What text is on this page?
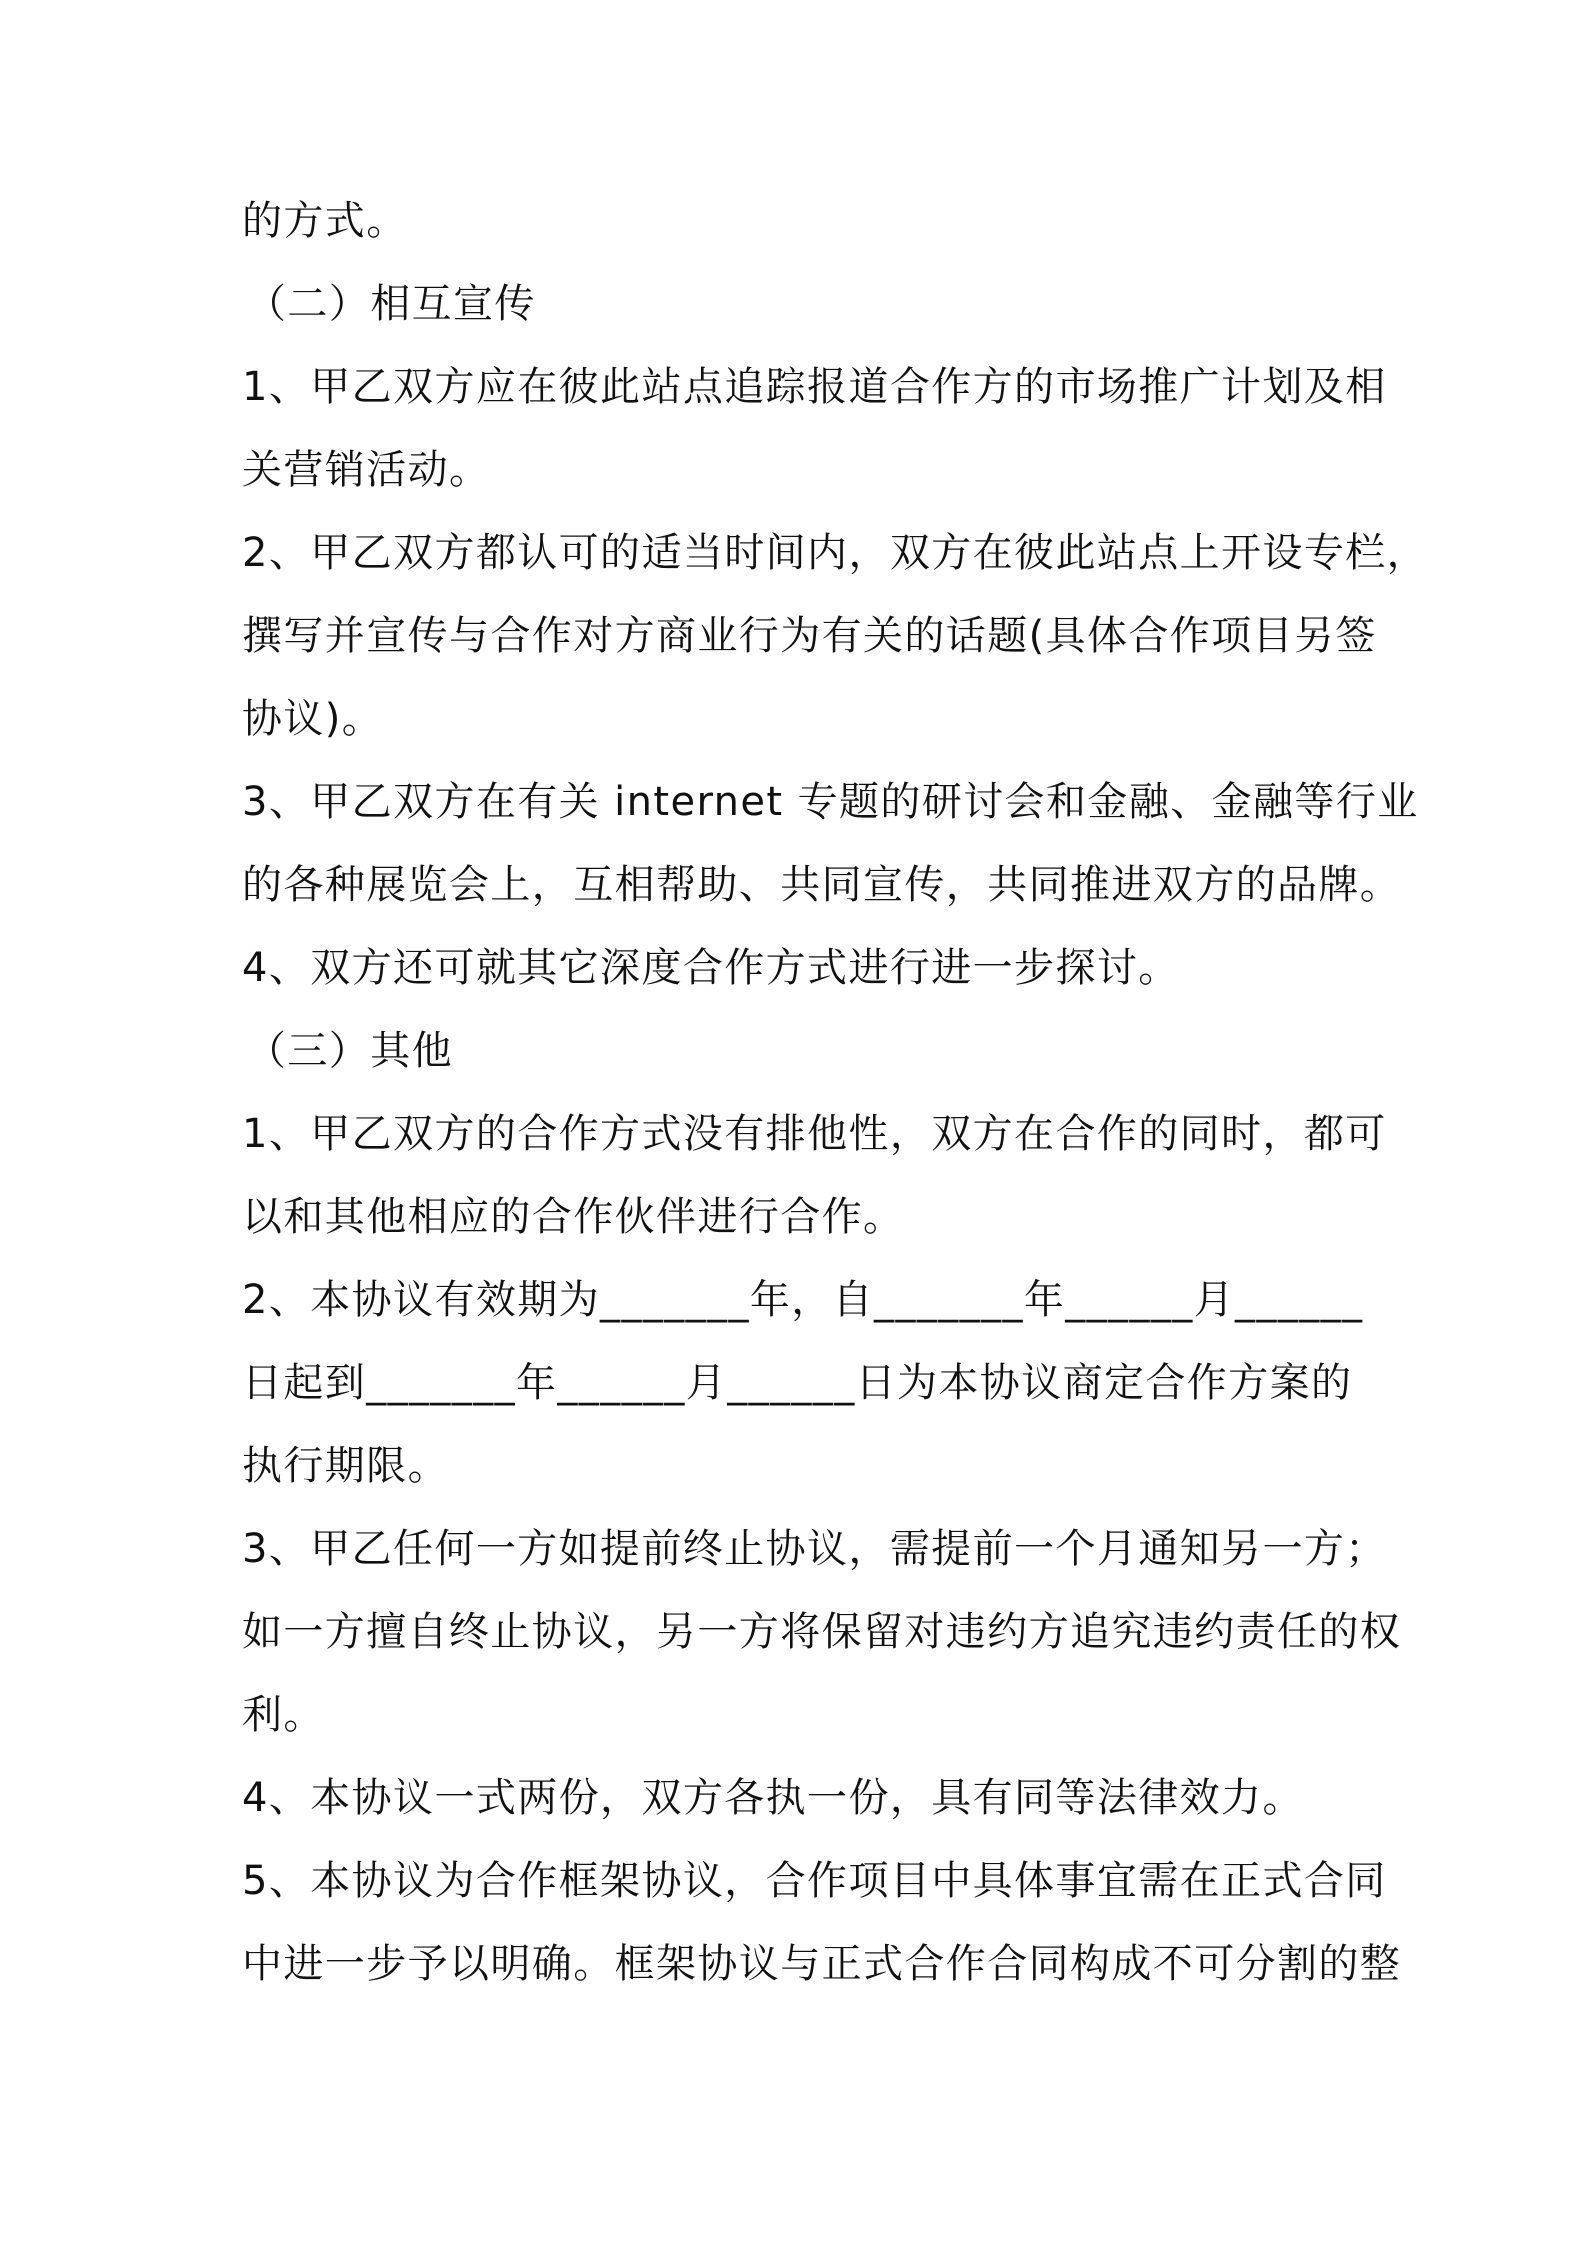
的方式。
（二）相互宣传
1、甲乙双方应在彼此站点追踪报道合作方的市场推广计划及相
关营销活动。
2、甲乙双方都认可的适当时间内，双方在彼此站点上开设专栏，
撰写并宣传与合作对方商业行为有关的话题(具体合作项目另签
协议)。
3、甲乙双方在有关 internet 专题的研讨会和金融、金融等行业
的各种展览会上，互相帮助、共同宣传，共同推进双方的品牌。
4、双方还可就其它深度合作方式进行进一步探讨。
（三）其他
1、甲乙双方的合作方式没有排他性，双方在合作的同时，都可
以和其他相应的合作伙伴进行合作。
2、本协议有效期为_______年，自_______年______月______
日起到_______年______月______日为本协议商定合作方案的
执行期限。
3、甲乙任何一方如提前终止协议，需提前一个月通知另一方；
如一方擅自终止协议，另一方将保留对违约方追究违约责任的权
利。
4、本协议一式两份，双方各执一份，具有同等法律效力。
5、本协议为合作框架协议，合作项目中具体事宜需在正式合同
中进一步予以明确。框架协议与正式合作合同构成不可分割的整
